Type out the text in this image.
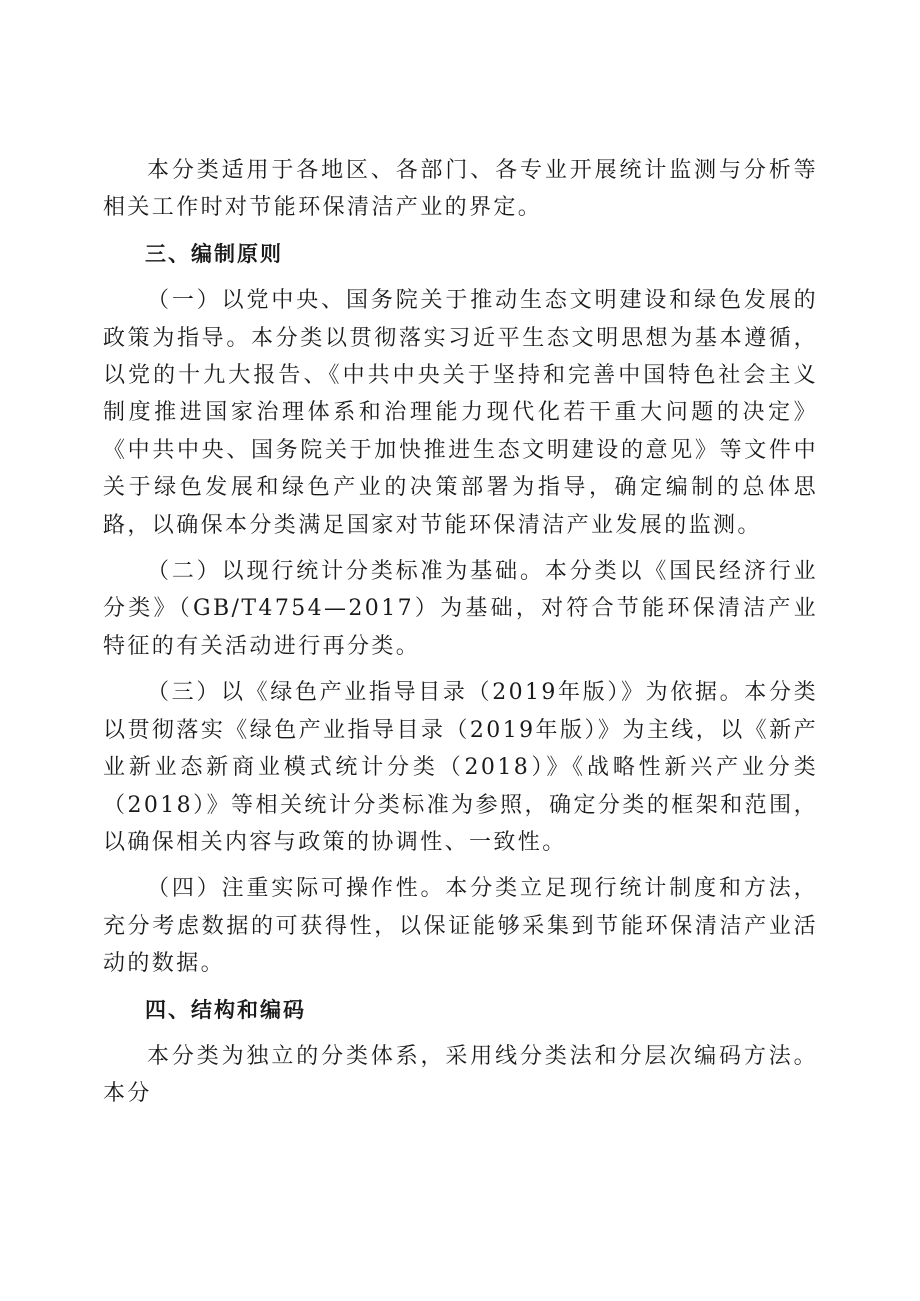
本分类适用于各地区、各部门、各专业开展统计监测与分析等相关工作时对节能环保清洁产业的界定。

三、编制原则

（一）以党中央、国务院关于推动生态文明建设和绿色发展的政策为指导。本分类以贯彻落实习近平生态文明思想为基本遵循，以党的十九大报告、《中共中央关于坚持和完善中国特色社会主义制度推进国家治理体系和治理能力现代化若干重大问题的决定》《中共中央、国务院关于加快推进生态文明建设的意见》等文件中关于绿色发展和绿色产业的决策部署为指导，确定编制的总体思路，以确保本分类满足国家对节能环保清洁产业发展的监测。

（二）以现行统计分类标准为基础。本分类以《国民经济行业分类》（GB/T4754—2017）为基础，对符合节能环保清洁产业特征的有关活动进行再分类。

（三）以《绿色产业指导目录（2019年版）》为依据。本分类以贯彻落实《绿色产业指导目录（2019年版）》为主线，以《新产业新业态新商业模式统计分类（2018）》《战略性新兴产业分类（2018）》等相关统计分类标准为参照，确定分类的框架和范围，以确保相关内容与政策的协调性、一致性。

（四）注重实际可操作性。本分类立足现行统计制度和方法，充分考虑数据的可获得性，以保证能够采集到节能环保清洁产业活动的数据。

四、结构和编码

本分类为独立的分类体系，采用线分类法和分层次编码方法。本分
